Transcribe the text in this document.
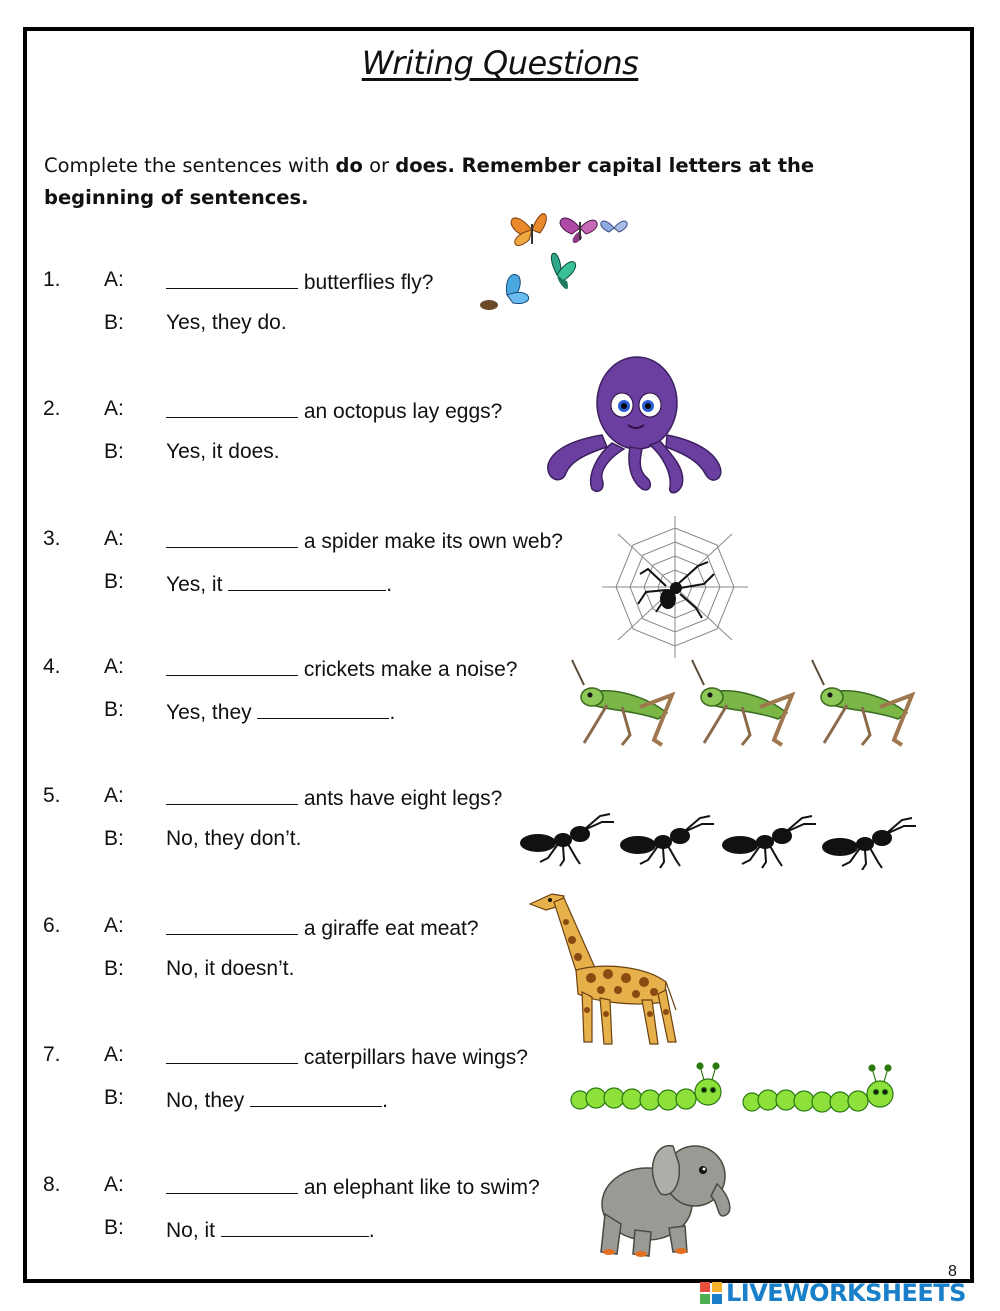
Writing Questions
Complete the sentences with do or does. Remember capital letters at the beginning of sentences.
1. A:	butterflies fly?
B: Yes, they do.
2. A:	an octopus lay eggs?
B: Yes, it does.
3. A:	a spider make its own web?
B: Yes, it	.
4. A:	crickets make a noise?
B: Yes, they	.
5. A:	ants have eight legs?
B: No, they don’t.
6. A:	a giraffe eat meat?
B: No, it doesn’t.
7. A:	caterpillars have wings?
B: No, they	.
8. A:	an elephant like to swim?
B: No, it	.
8
LIVEWORKSHEETS
